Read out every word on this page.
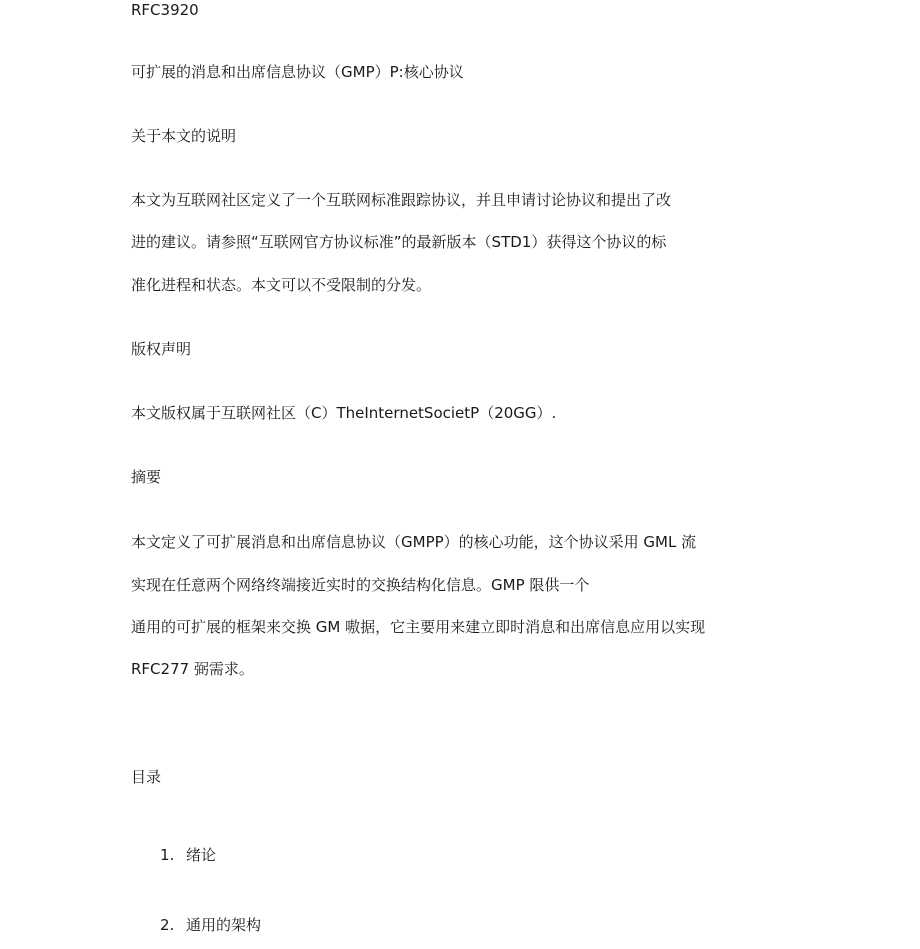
RFC3920
可扩展的消息和出席信息协议（GMP）P:核心协议
关于本文的说明
本文为互联网社区定义了一个互联网标准跟踪协议，并且申请讨论协议和提出了改
进的建议。请参照“互联网官方协议标准”的最新版本（STD1）获得这个协议的标
准化进程和状态。本文可以不受限制的分发。
版权声明
本文版权属于互联网社区（C）TheInternetSocietP（20GG）.
摘要
本文定义了可扩展消息和出席信息协议（GMPP）的核心功能，这个协议采用 GML 流
实现在任意两个网络终端接近实时的交换结构化信息。GMP 限供一个
通用的可扩展的框架来交换 GM 嗷据，它主要用来建立即时消息和出席信息应用以实现
RFC277 弼需求。
目录
1. 绪论
2. 通用的架构
